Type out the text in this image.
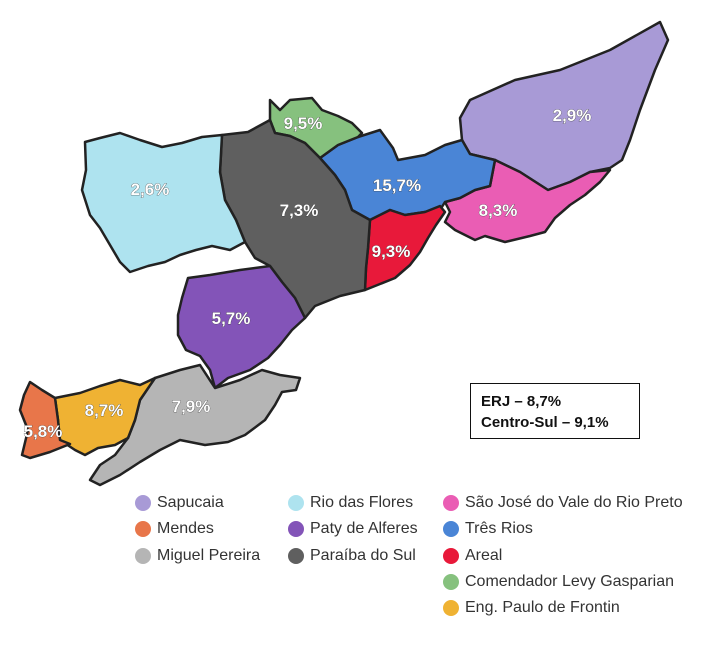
2,9%
8,3%
15,7%
9,3%
9,5%
7,3%
2,6%
5,7%
7,9%
8,7%
5,8%
ERJ – 8,7%
Centro-Sul – 9,1%
Sapucaia
Mendes
Miguel Pereira
Rio das Flores
Paty de Alferes
Paraíba do Sul
São José do Vale do Rio Preto
Três Rios
Areal
Comendador Levy Gasparian
Eng. Paulo de Frontin
